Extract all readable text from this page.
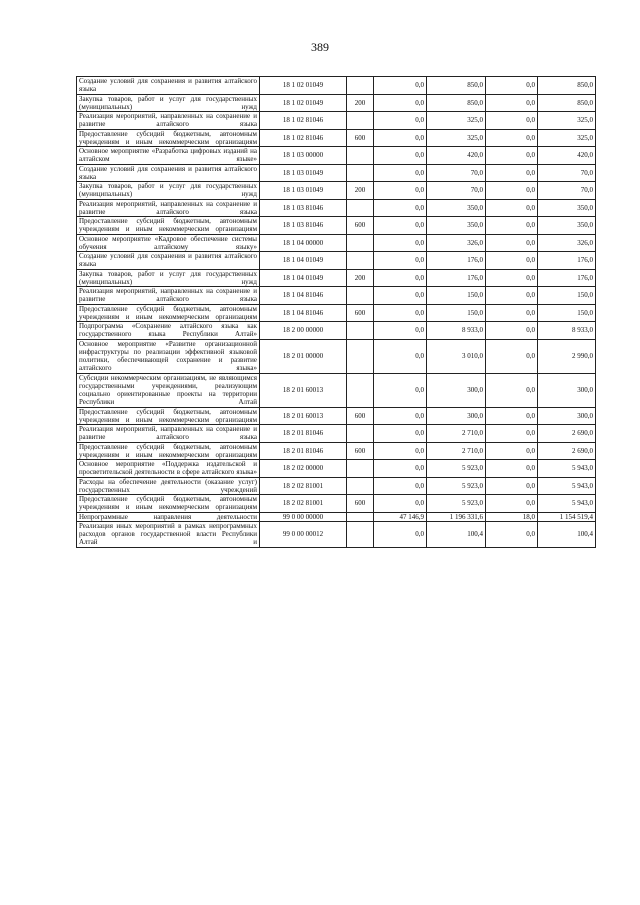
389
Создание условий для сохранения и развития алтайского языка	18 1 02 01049		0,0	850,0	0,0	850,0
Закупка товаров, работ и услуг для государственных (муниципальных) нужд	18 1 02 01049	200	0,0	850,0	0,0	850,0
Реализация мероприятий, направленных на сохранение и развитие алтайского языка	18 1 02 81046		0,0	325,0	0,0	325,0
Предоставление субсидий бюджетным, автономным учреждениям и иным некоммерческим организациям	18 1 02 81046	600	0,0	325,0	0,0	325,0
Основное мероприятие «Разработка цифровых изданий на алтайском языке»	18 1 03 00000		0,0	420,0	0,0	420,0
Создание условий для сохранения и развития алтайского языка	18 1 03 01049		0,0	70,0	0,0	70,0
Закупка товаров, работ и услуг для государственных (муниципальных) нужд	18 1 03 01049	200	0,0	70,0	0,0	70,0
Реализация мероприятий, направленных на сохранение и развитие алтайского языка	18 1 03 81046		0,0	350,0	0,0	350,0
Предоставление субсидий бюджетным, автономным учреждениям и иным некоммерческим организациям	18 1 03 81046	600	0,0	350,0	0,0	350,0
Основное мероприятие «Кадровое обеспечение системы обучения алтайскому языку»	18 1 04 00000		0,0	326,0	0,0	326,0
Создание условий для сохранения и развития алтайского языка	18 1 04 01049		0,0	176,0	0,0	176,0
Закупка товаров, работ и услуг для государственных (муниципальных) нужд	18 1 04 01049	200	0,0	176,0	0,0	176,0
Реализация мероприятий, направленных на сохранение и развитие алтайского языка	18 1 04 81046		0,0	150,0	0,0	150,0
Предоставление субсидий бюджетным, автономным учреждениям и иным некоммерческим организациям	18 1 04 81046	600	0,0	150,0	0,0	150,0
Подпрограмма «Сохранение алтайского языка как государственного языка Республики Алтай»	18 2 00 00000		0,0	8 933,0	0,0	8 933,0
Основное мероприятие «Развитие организационной инфраструктуры по реализации эффективной языковой политики, обеспечивающей сохранение и развитие алтайского языка»	18 2 01 00000		0,0	3 010,0	0,0	2 990,0
Субсидии некоммерческим организациям, не являющимся государственными учреждениями, реализующим социально ориентированные проекты на территории Республики Алтай	18 2 01 60013		0,0	300,0	0,0	300,0
Предоставление субсидий бюджетным, автономным учреждениям и иным некоммерческим организациям	18 2 01 60013	600	0,0	300,0	0,0	300,0
Реализация мероприятий, направленных на сохранение и развитие алтайского языка	18 2 01 81046		0,0	2 710,0	0,0	2 690,0
Предоставление субсидий бюджетным, автономным учреждениям и иным некоммерческим организациям	18 2 01 81046	600	0,0	2 710,0	0,0	2 690,0
Основное мероприятие «Поддержка издательской и просветительской деятельности в сфере алтайского языка»	18 2 02 00000		0,0	5 923,0	0,0	5 943,0
Расходы на обеспечение деятельности (оказание услуг) государственных учреждений	18 2 02 81001		0,0	5 923,0	0,0	5 943,0
Предоставление субсидий бюджетным, автономным учреждениям и иным некоммерческим организациям	18 2 02 81001	600	0,0	5 923,0	0,0	5 943,0
Непрограммные направления деятельности	99 0 00 00000		47 146,9	1 196 331,6	18,0	1 154 519,4
Реализация иных мероприятий в рамках непрограммных расходов органов государственной власти Республики Алтай и	99 0 00 00012		0,0	100,4	0,0	100,4
